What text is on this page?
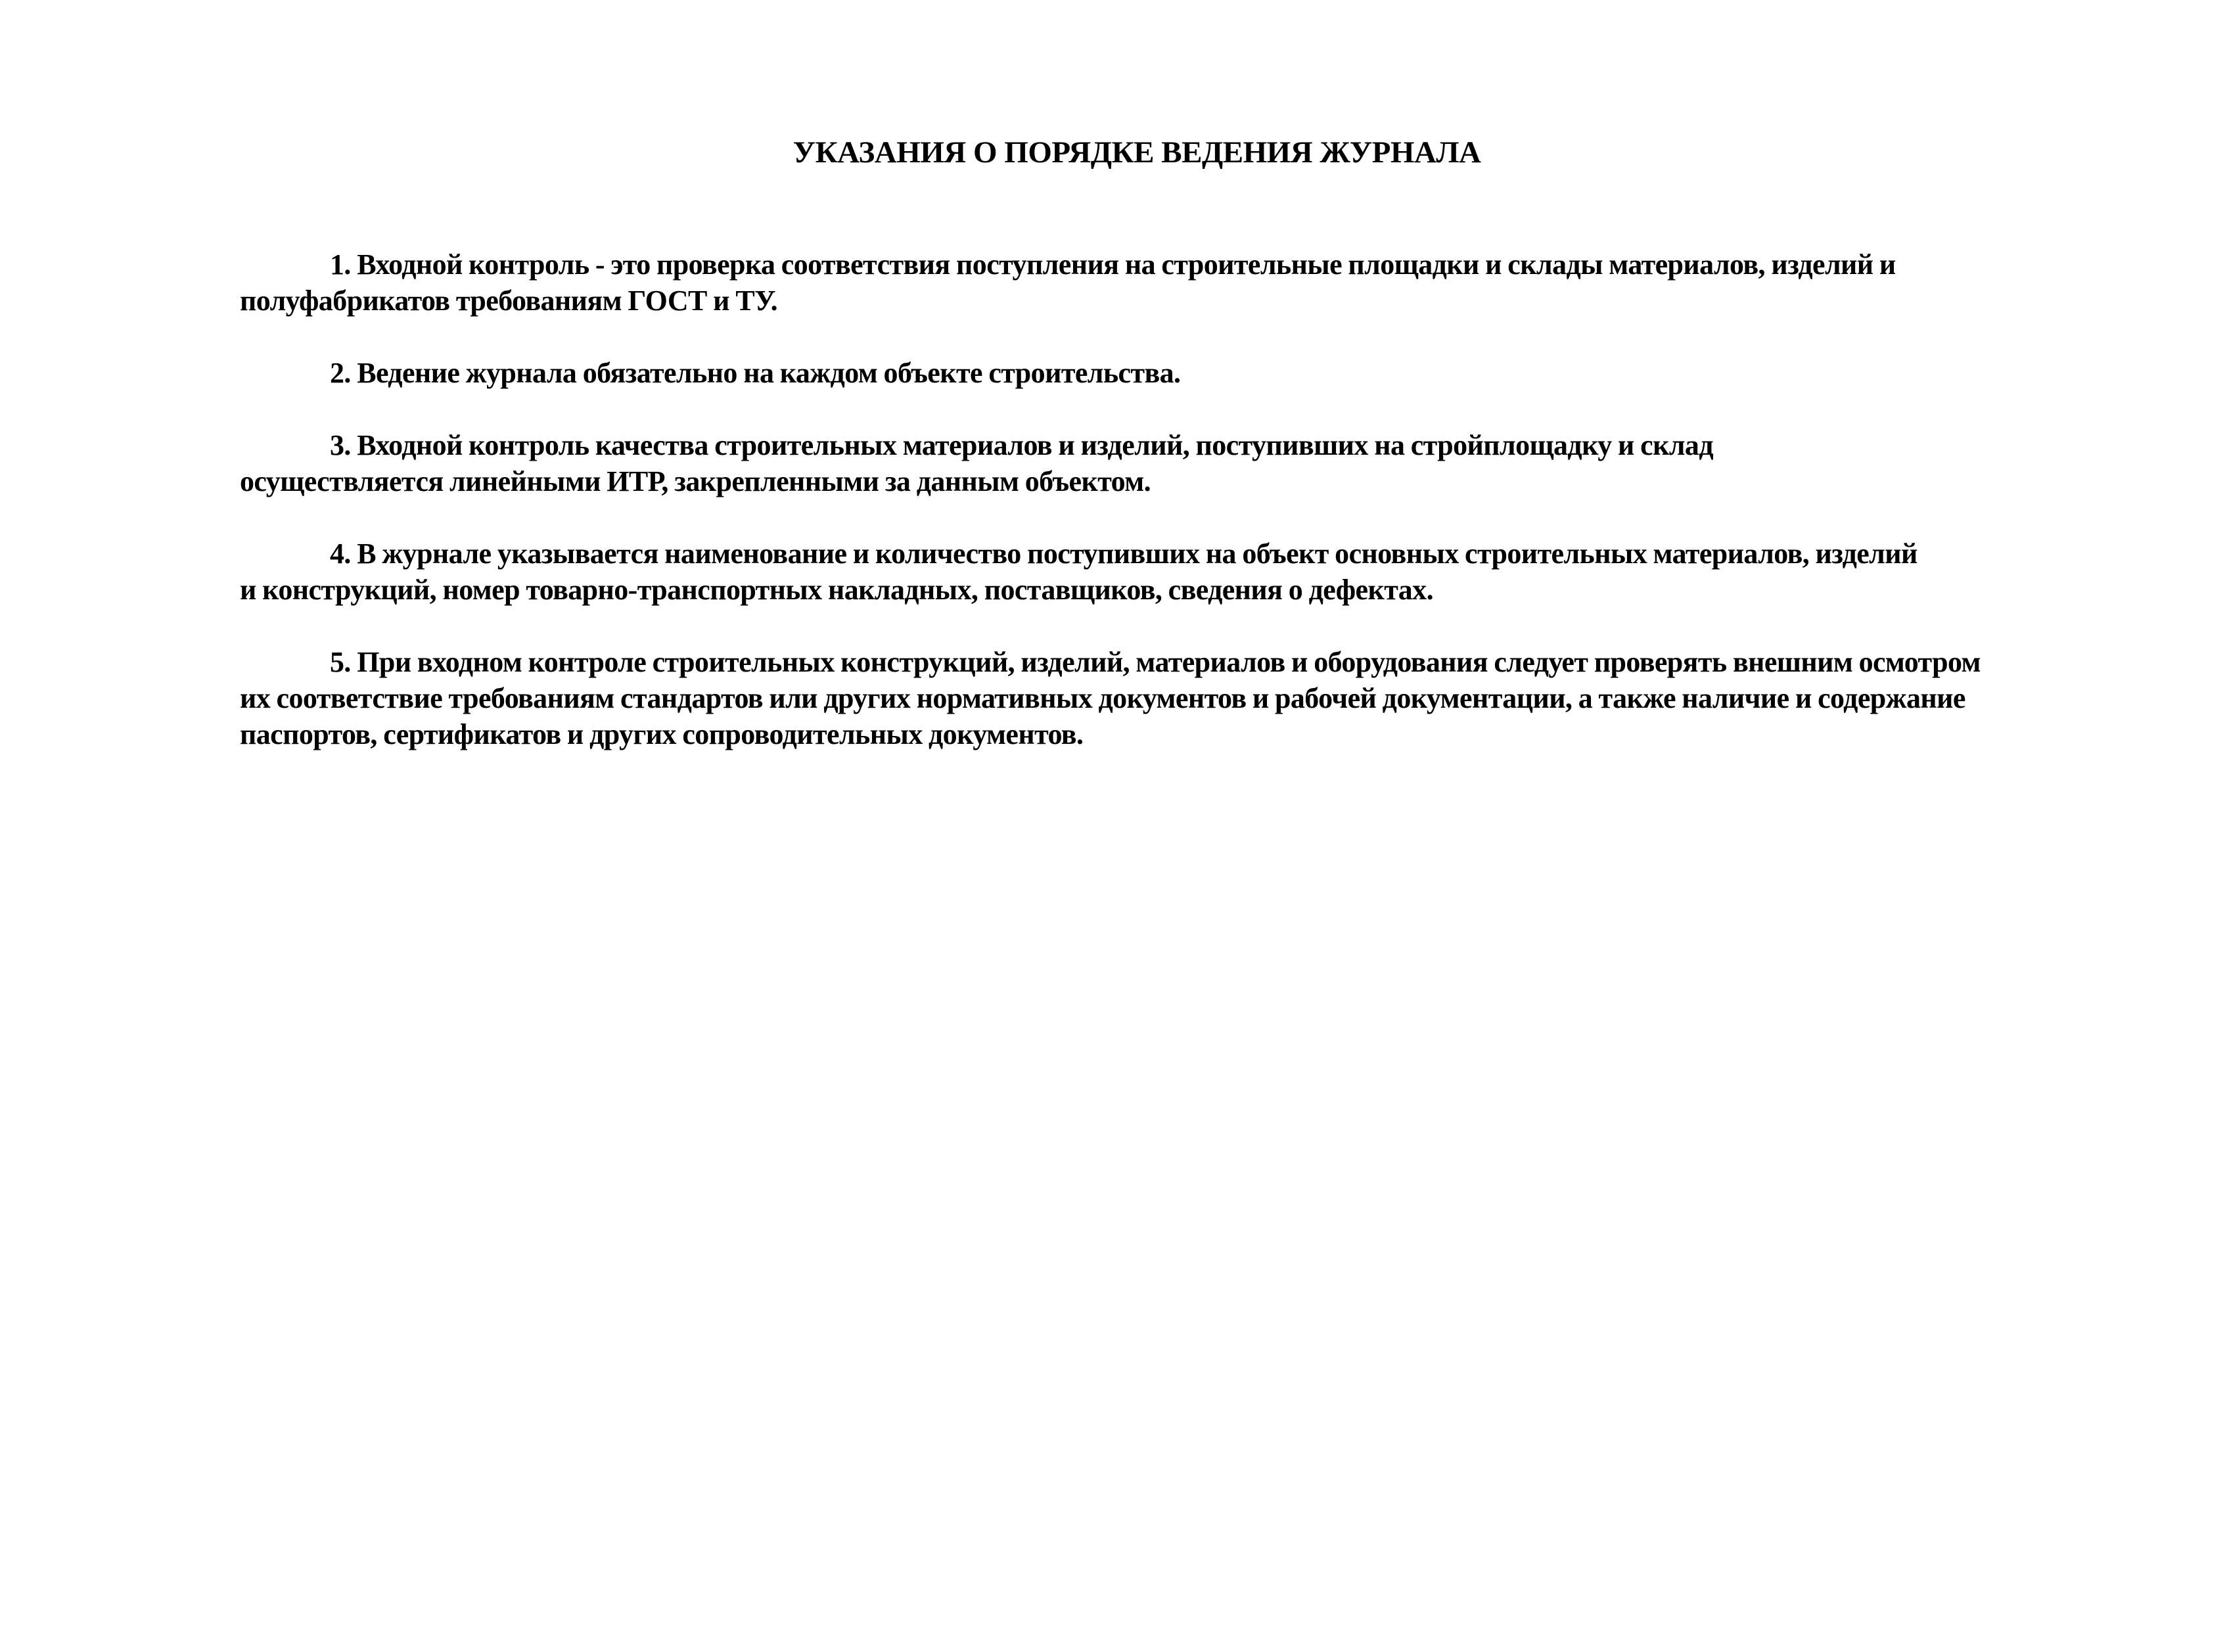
УКАЗАНИЯ О ПОРЯДКЕ ВЕДЕНИЯ ЖУРНАЛА
1. Входной контроль - это проверка соответствия поступления на строительные площадки и склады материалов, изделий и полуфабрикатов требованиям ГОСТ и ТУ.
2. Ведение журнала обязательно на каждом объекте строительства.
3. Входной контроль качества строительных материалов и изделий, поступивших на стройплощадку и склад осуществляется линейными ИТР, закрепленными за данным объектом.
4. В журнале указывается наименование и количество поступивших на объект основных строительных материалов, изделий и конструкций, номер товарно-транспортных накладных, поставщиков, сведения о дефектах.
5. При входном контроле строительных конструкций, изделий, материалов и оборудования следует проверять внешним осмотром их соответствие требованиям стандартов или других нормативных документов и рабочей документации, а также наличие и содержание паспортов, сертификатов и других сопроводительных документов.
